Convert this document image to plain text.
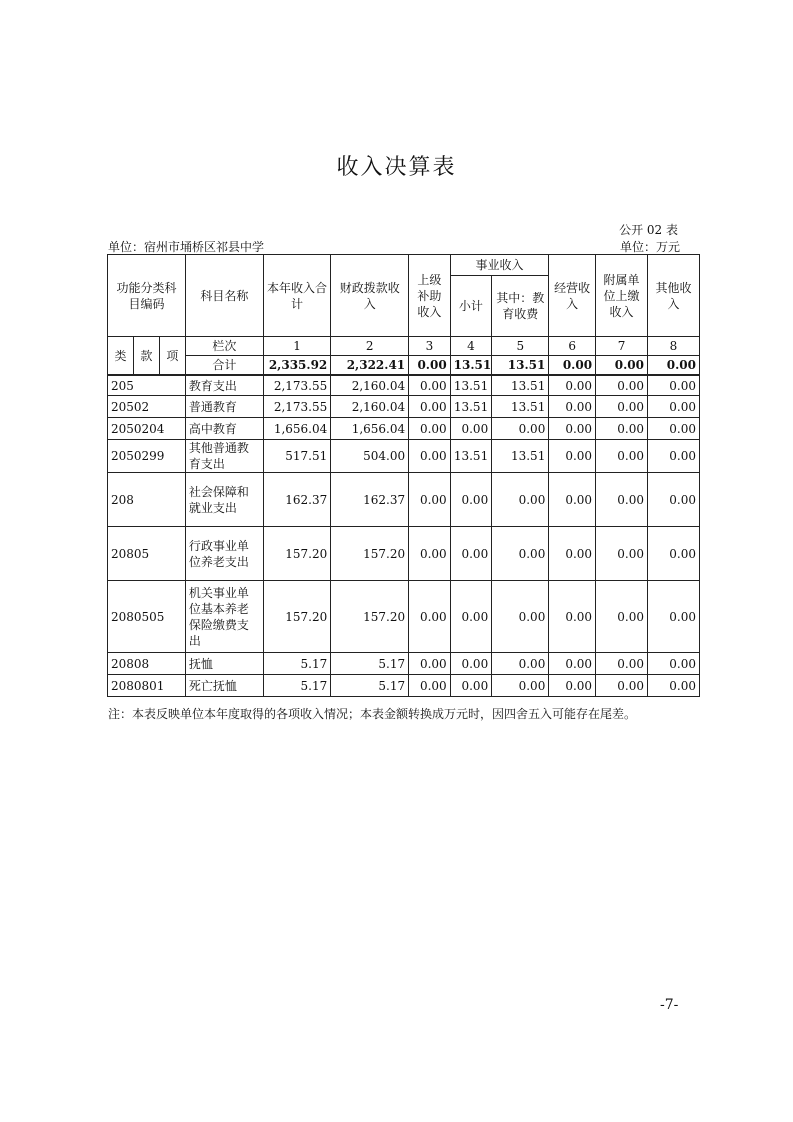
收入决算表
公开 02 表
单位：宿州市埇桥区祁县中学	单位：万元
功能分类科目编码			科目名称	本年收入合计	财政拨款收入	上级补助收入	事业收入		经营收入	附属单位上缴收入	其他收入
							小计	其中：教育收费			
类	款	项	栏次	1	2	3	4	5	6	7	8
			合计	2,335.92	2,322.41	0.00	13.51	13.51	0.00	0.00	0.00
205			教育支出	2,173.55	2,160.04	0.00	13.51	13.51	0.00	0.00	0.00
20502			普通教育	2,173.55	2,160.04	0.00	13.51	13.51	0.00	0.00	0.00
2050204			高中教育	1,656.04	1,656.04	0.00	0.00	0.00	0.00	0.00	0.00
2050299			其他普通教育支出	517.51	504.00	0.00	13.51	13.51	0.00	0.00	0.00
208			社会保障和就业支出	162.37	162.37	0.00	0.00	0.00	0.00	0.00	0.00
20805			行政事业单位养老支出	157.20	157.20	0.00	0.00	0.00	0.00	0.00	0.00
2080505			机关事业单位基本养老保险缴费支出	157.20	157.20	0.00	0.00	0.00	0.00	0.00	0.00
20808			抚恤	5.17	5.17	0.00	0.00	0.00	0.00	0.00	0.00
2080801			死亡抚恤	5.17	5.17	0.00	0.00	0.00	0.00	0.00	0.00
注：本表反映单位本年度取得的各项收入情况；本表金额转换成万元时，因四舍五入可能存在尾差。
-7-
